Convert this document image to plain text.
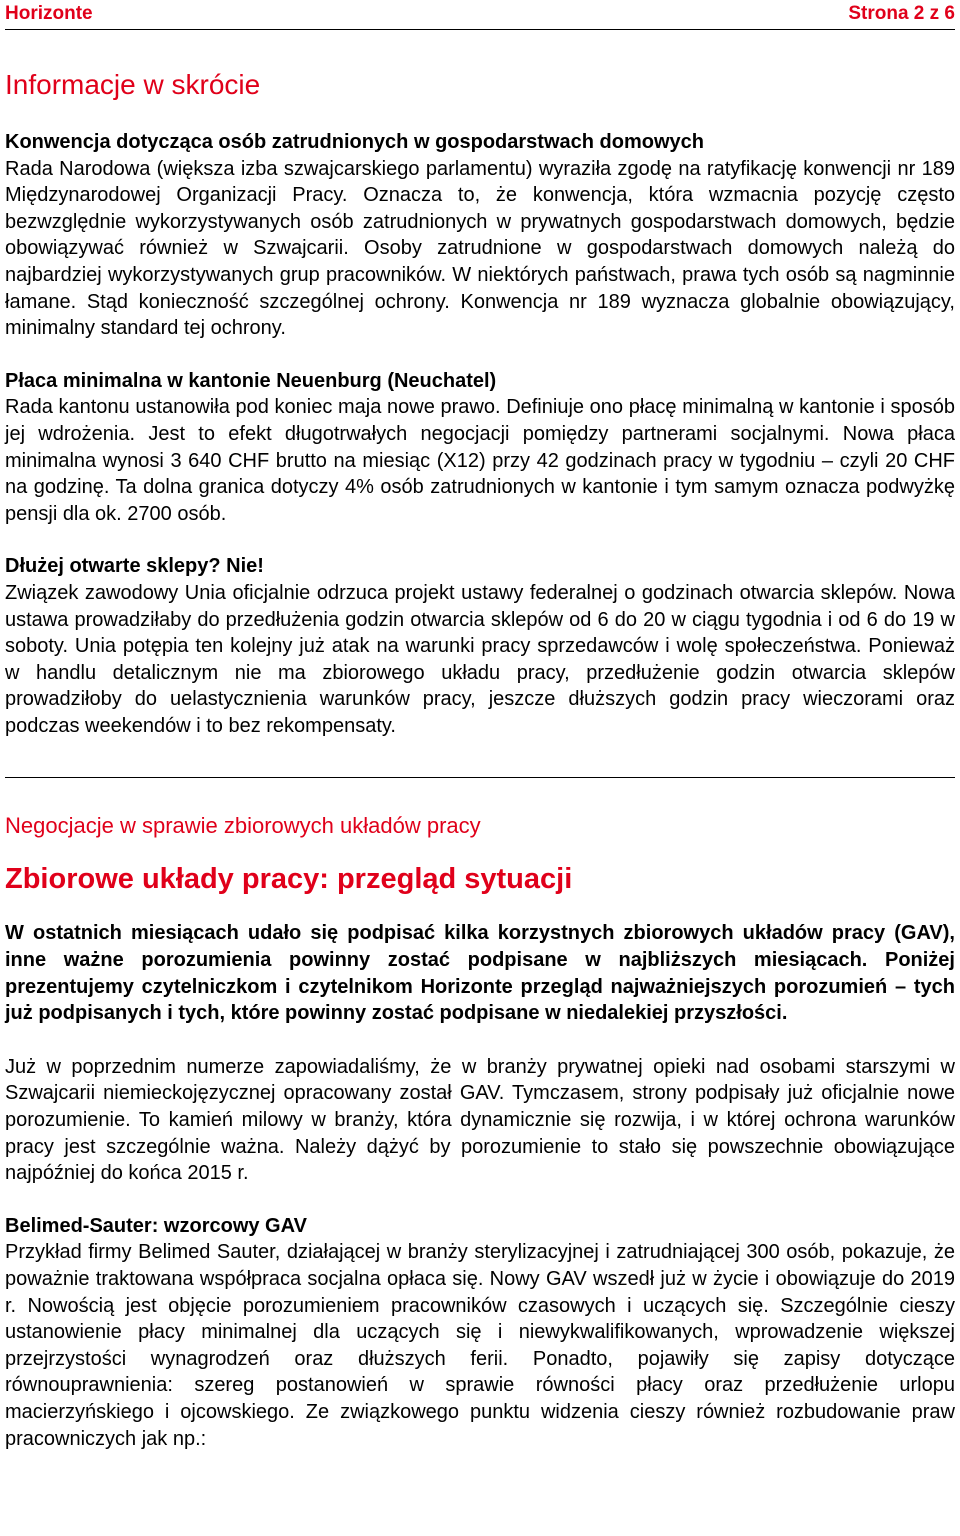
Horizonte	Strona 2 z 6
Informacje w skrócie

Konwencja dotycząca osób zatrudnionych w gospodarstwach domowych

Rada Narodowa (większa izba szwajcarskiego parlamentu) wyraziła zgodę na ratyfikację konwencji nr 189 Międzynarodowej Organizacji Pracy. Oznacza to, że konwencja, która wzmacnia pozycję często bezwzględnie wykorzystywanych osób zatrudnionych w prywatnych gospodarstwach domowych, będzie obowiązywać również w Szwajcarii. Osoby zatrudnione w gospodarstwach domowych należą do najbardziej wykorzystywanych grup pracowników. W niektórych państwach, prawa tych osób są nagminnie łamane. Stąd konieczność szczególnej ochrony. Konwencja nr 189 wyznacza globalnie obowiązujący, minimalny standard tej ochrony.

Płaca minimalna w kantonie Neuenburg (Neuchatel)

Rada kantonu ustanowiła pod koniec maja nowe prawo. Definiuje ono płacę minimalną w kantonie i sposób jej wdrożenia. Jest to efekt długotrwałych negocjacji pomiędzy partnerami socjalnymi. Nowa płaca minimalna wynosi 3 640 CHF brutto na miesiąc (X12) przy 42 godzinach pracy w tygodniu – czyli 20 CHF na godzinę. Ta dolna granica dotyczy 4% osób zatrudnionych w kantonie i tym samym oznacza podwyżkę pensji dla ok. 2700 osób.

Dłużej otwarte sklepy? Nie!

Związek zawodowy Unia oficjalnie odrzuca projekt ustawy federalnej o godzinach otwarcia sklepów. Nowa ustawa prowadziłaby do przedłużenia godzin otwarcia sklepów od 6 do 20 w ciągu tygodnia i od 6 do 19 w soboty. Unia potępia ten kolejny już atak na warunki pracy sprzedawców i wolę społeczeństwa. Ponieważ w handlu detalicznym nie ma zbiorowego układu pracy, przedłużenie godzin otwarcia sklepów prowadziłoby do uelastycznienia warunków pracy, jeszcze dłuższych godzin pracy wieczorami oraz podczas weekendów i to bez rekompensaty.

Negocjacje w sprawie zbiorowych układów pracy

Zbiorowe układy pracy: przegląd sytuacji

W ostatnich miesiącach udało się podpisać kilka korzystnych zbiorowych układów pracy (GAV), inne ważne porozumienia powinny zostać podpisane w najbliższych miesiącach. Poniżej prezentujemy czytelniczkom i czytelnikom Horizonte przegląd najważniejszych porozumień – tych już podpisanych i tych, które powinny zostać podpisane w niedalekiej przyszłości.

Już w poprzednim numerze zapowiadaliśmy, że w branży prywatnej opieki nad osobami starszymi w Szwajcarii niemieckojęzycznej opracowany został GAV. Tymczasem, strony podpisały już oficjalnie nowe porozumienie. To kamień milowy w branży, która dynamicznie się rozwija, i w której ochrona warunków pracy jest szczególnie ważna. Należy dążyć by porozumienie to stało się powszechnie obowiązujące najpóźniej do końca 2015 r.

Belimed-Sauter: wzorcowy GAV

Przykład firmy Belimed Sauter, działającej w branży sterylizacyjnej i zatrudniającej 300 osób, pokazuje, że poważnie traktowana współpraca socjalna opłaca się. Nowy GAV wszedł już w życie i obowiązuje do 2019 r. Nowością jest objęcie porozumieniem pracowników czasowych i uczących się. Szczególnie cieszy ustanowienie płacy minimalnej dla uczących się i niewykwalifikowanych, wprowadzenie większej przejrzystości wynagrodzeń oraz dłuższych ferii. Ponadto, pojawiły się zapisy dotyczące równouprawnienia: szereg postanowień w sprawie równości płacy oraz przedłużenie urlopu macierzyńskiego i ojcowskiego. Ze związkowego punktu widzenia cieszy również rozbudowanie praw pracowniczych jak np.:
